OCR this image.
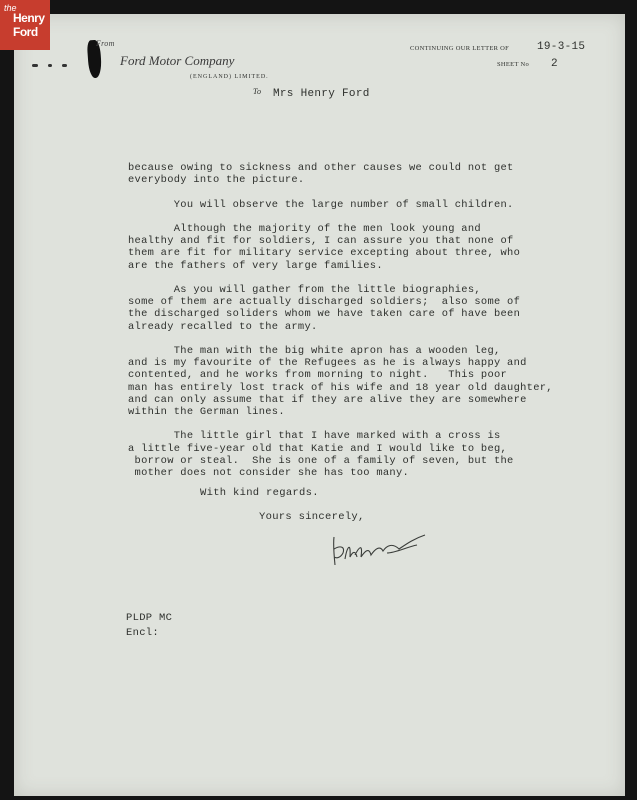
the
Henry
Ford
From
Ford Motor Company
(ENGLAND) LIMITED.
CONTINUING OUR LETTER OF	19-3-15
SHEET No 2
To Mrs Henry Ford
because owing to sickness and other causes we could not get
everybody into the picture.

You will observe the large number of small children.

Although the majority of the men look young and
healthy and fit for soldiers, I can assure you that none of
them are fit for military service excepting about three, who
are the fathers of very large families.

As you will gather from the little biographies,
some of them are actually discharged soldiers;  also some of
the discharged soliders whom we have taken care of have been
already recalled to the army.

The man with the big white apron has a wooden leg,
and is my favourite of the Refugees as he is always happy and
contented, and he works from morning to night.   This poor
man has entirely lost track of his wife and 18 year old daughter,
and can only assume that if they are alive they are somewhere
within the German lines.

The little girl that I have marked with a cross is
a little five-year old that Katie and I would like to beg,
borrow or steal.  She is one of a family of seven, but the
mother does not consider she has too many.
With kind regards.
Yours sincerely,
PLDP MC
Encl:
